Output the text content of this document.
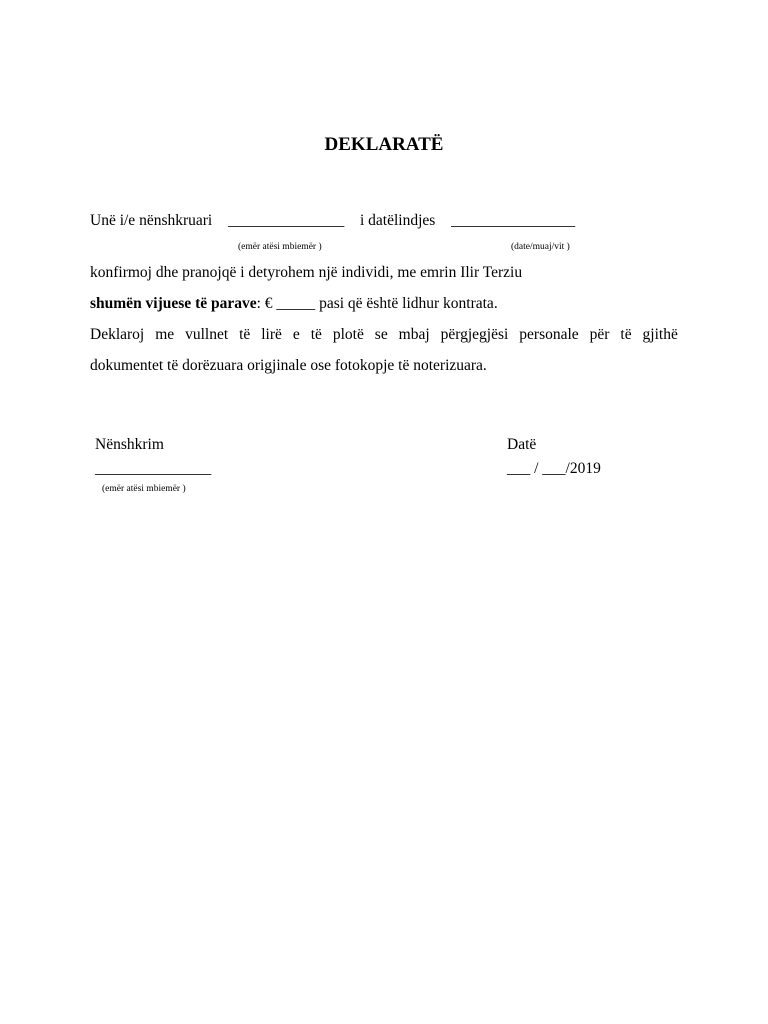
DEKLARATË
Unë i/e nënshkruari _______________ i datëlindjes ________________
(emër atësi mbiemër )	(date/muaj/vit )
konfirmoj dhe pranojqë i detyrohem një individi, me emrin Ilir Terziu
shumën vijuese të parave: € _____ pasi që është lidhur kontrata.
Deklaroj me vullnet të lirë e të plotë se mbaj përgjegjësi personale për të gjithë
dokumentet të dorëzuara origjinale ose fotokopje të noterizuara.
Nënshkrim
_______________
(emër atësi mbiemër )
Datë
___ / ___/2019
